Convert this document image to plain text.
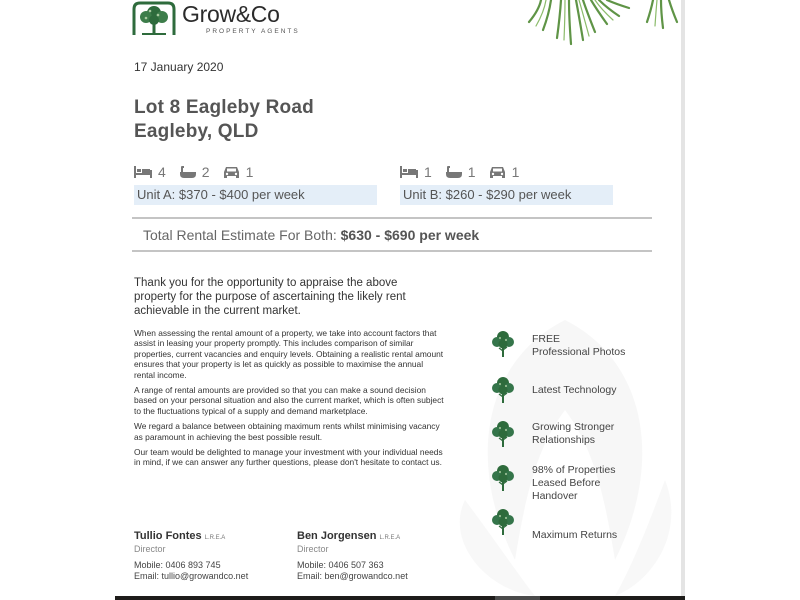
Grow&Co
PROPERTY AGENTS
17 January 2020
Lot 8 Eagleby Road
Eagleby, QLD
4	2	1
Unit A: $370 - $400 per week
1	1	1
Unit B: $260 - $290 per week
Total Rental Estimate For Both: $630 - $690 per week
Thank you for the opportunity to appraise the above property for the purpose of ascertaining the likely rent achievable in the current market.

When assessing the rental amount of a property, we take into account factors that assist in leasing your property promptly. This includes comparison of similar properties, current vacancies and enquiry levels. Obtaining a realistic rental amount ensures that your property is let as quickly as possible to maximise the annual rental income.

A range of rental amounts are provided so that you can make a sound decision based on your personal situation and also the current market, which is often subject to the fluctuations typical of a supply and demand marketplace.

We regard a balance between obtaining maximum rents whilst minimising vacancy as paramount in achieving the best possible result.

Our team would be delighted to manage your investment with your individual needs in mind, if we can answer any further questions, please don't hesitate to contact us.

FREE
Professional Photos
Latest Technology
Growing Stronger
Relationships
98% of Properties
Leased Before
Handover
Maximum Returns
Tullio Fontes L.R.E.A
Director
Mobile: 0406 893 745
Email: tullio@growandco.net
Ben Jorgensen L.R.E.A
Director
Mobile: 0406 507 363
Email: ben@growandco.net
